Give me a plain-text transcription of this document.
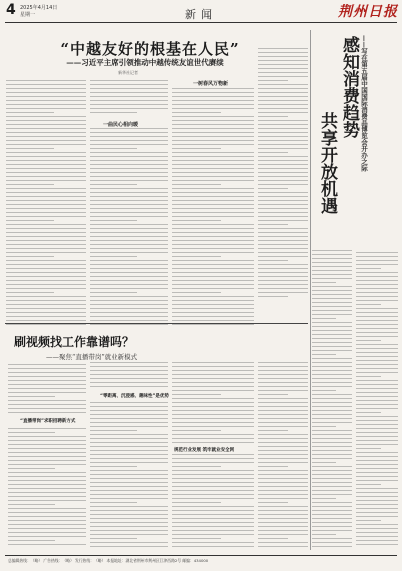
4 2025年4月14日
星期一	新闻	荆州日报
“中越友好的根基在人民”
——习近平主席引领推动中越传统友谊世代赓续
新华社记者
一树春风万物新
一曲民心相向暖	感知消费趋势
共享开放机遇	——写在第五届中国国际消费品博览会开办之际
刷视频找工作靠谱吗？
——聚焦“直播带岗”就业新模式
“直播带岗”求职招聘新方式
“零距离、沉浸感、趣味性”是优势
规范行业发展 筑牢就业安全网
总编辑热线：（略） 广告热线：（略） 发行热线：（略） 本报地址：湖北省荆州市荆州区江津西路2号 邮编：434000
